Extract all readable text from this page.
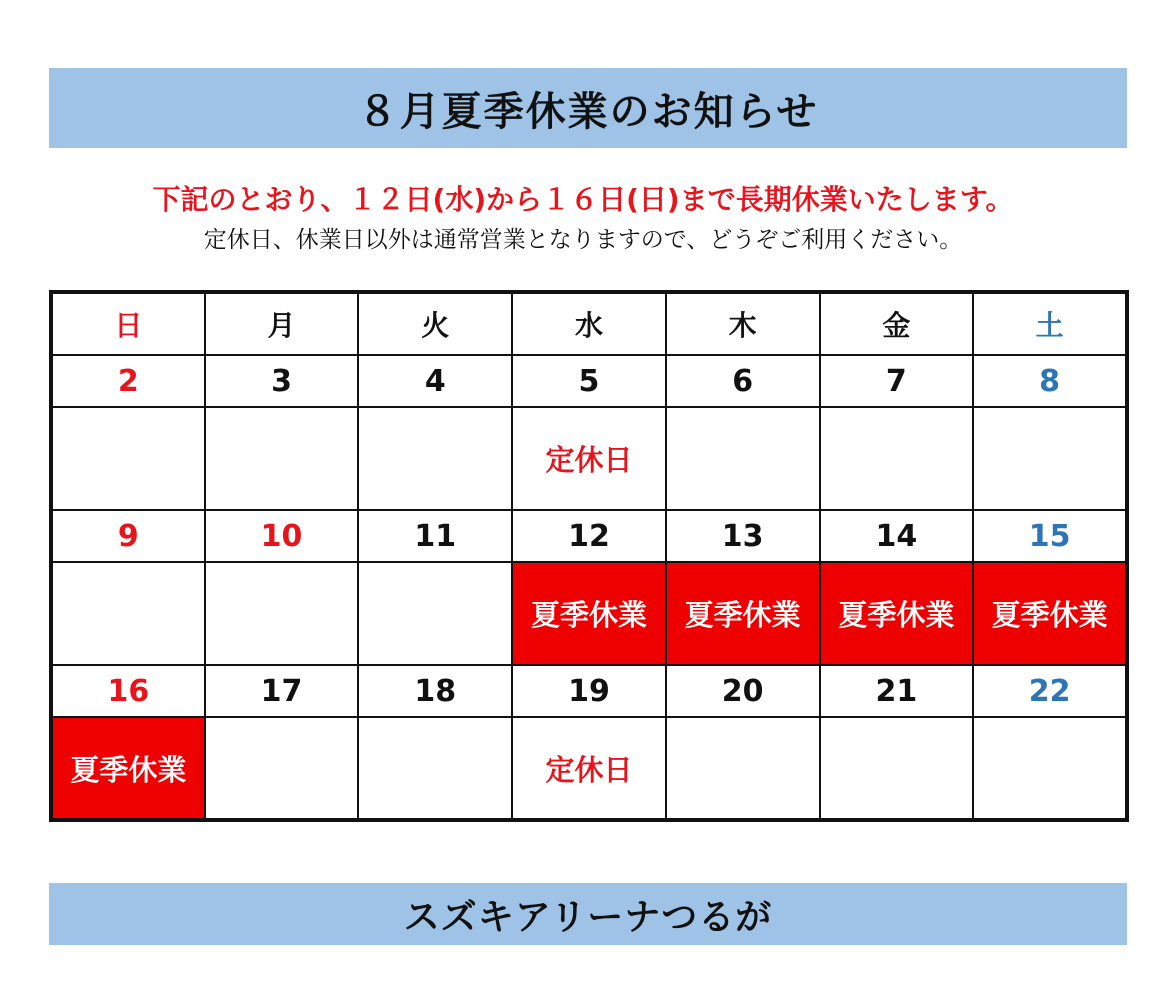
８月夏季休業のお知らせ
下記のとおり、１２日(水)から１６日(日)まで長期休業いたします。
定休日、休業日以外は通常営業となりますので、どうぞご利用ください。
日	月	火	水	木	金	土
2	3	4	5	6	7	8
			定休日			
9	10	11	12	13	14	15
			夏季休業	夏季休業	夏季休業	夏季休業
16	17	18	19	20	21	22
夏季休業			定休日			
スズキアリーナつるが
